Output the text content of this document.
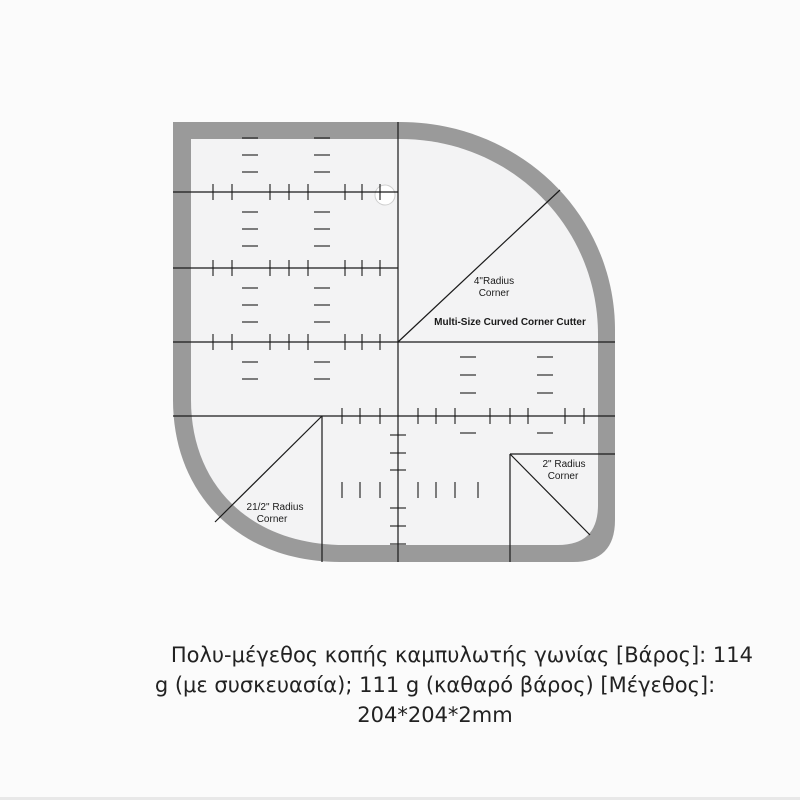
4"Radius
Corner
Multi-Size Curved Corner Cutter
2" Radius
Corner
21/2" Radius
Corner
Πολυ-μέγεθος κοπής καμπυλωτής γωνίας [Βάρος]: 114
g (με συσκευασία); 111 g (καθαρό βάρος) [Μέγεθος]:
204*204*2mm
